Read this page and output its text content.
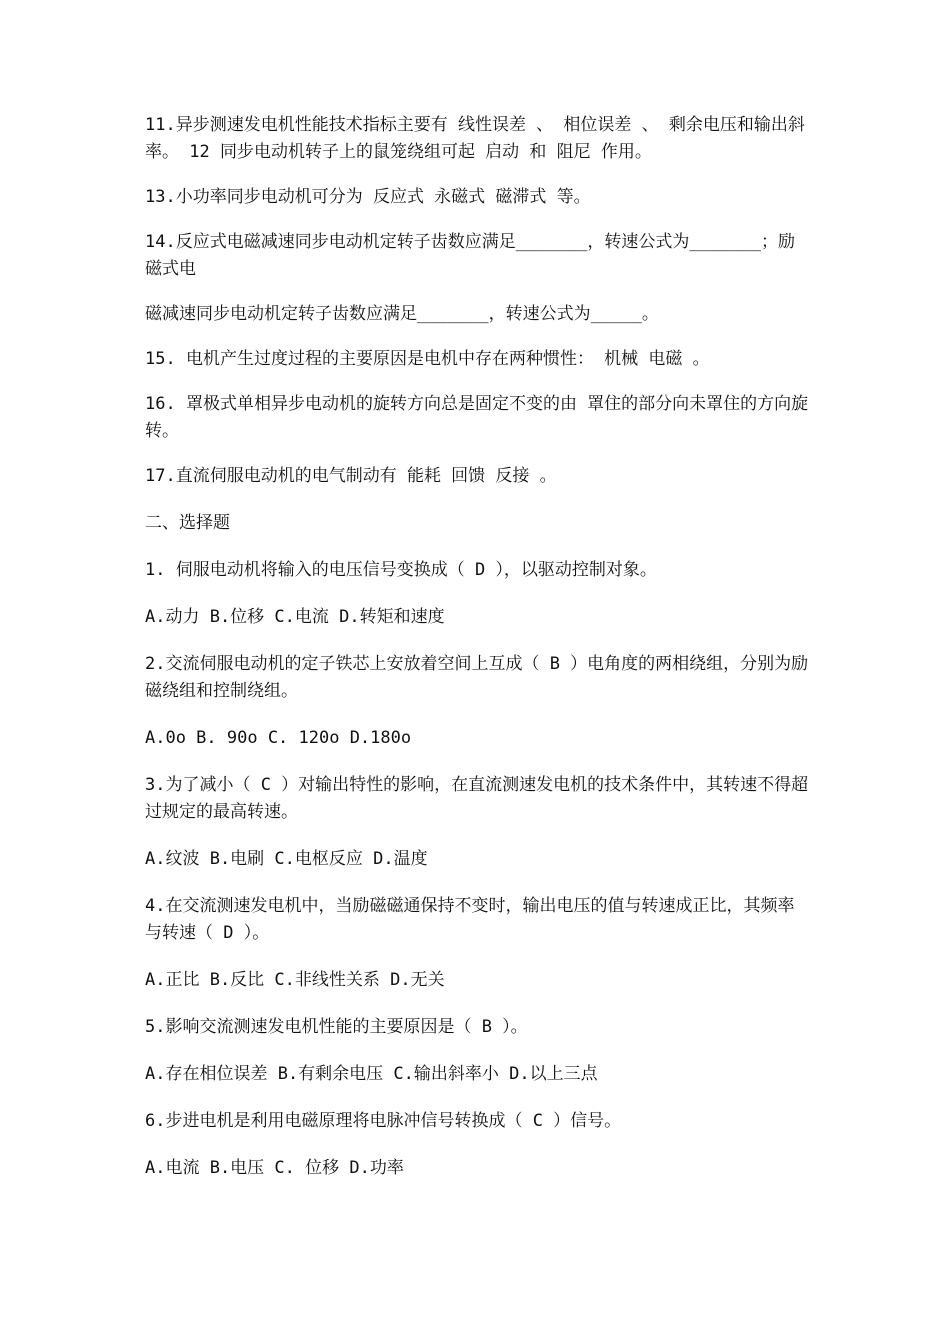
11.异步测速发电机性能技术指标主要有 线性误差 、 相位误差 、 剩余电压和输出斜率。 12 同步电动机转子上的鼠笼绕组可起 启动 和 阻尼 作用。

13.小功率同步电动机可分为 反应式 永磁式 磁滞式 等。

14.反应式电磁减速同步电动机定转子齿数应满足_______，转速公式为_______；励磁式电

磁减速同步电动机定转子齿数应满足_______，转速公式为_____。

15. 电机产生过度过程的主要原因是电机中存在两种惯性： 机械 电磁 。

16. 罩极式单相异步电动机的旋转方向总是固定不变的由 罩住的部分向未罩住的方向旋转。

17.直流伺服电动机的电气制动有 能耗 回馈 反接 。

二、选择题

1. 伺服电动机将输入的电压信号变换成（ D ），以驱动控制对象。

A.动力 B.位移 C.电流 D.转矩和速度

2.交流伺服电动机的定子铁芯上安放着空间上互成（ B ）电角度的两相绕组，分别为励磁绕组和控制绕组。

A.0o B. 90o C. 120o D.180o

3.为了减小（ C ）对输出特性的影响，在直流测速发电机的技术条件中，其转速不得超过规定的最高转速。

A.纹波 B.电刷 C.电枢反应 D.温度

4.在交流测速发电机中，当励磁磁通保持不变时，输出电压的值与转速成正比，其频率与转速（ D ）。

A.正比 B.反比 C.非线性关系 D.无关

5.影响交流测速发电机性能的主要原因是（ B ）。

A.存在相位误差 B.有剩余电压 C.输出斜率小 D.以上三点

6.步进电机是利用电磁原理将电脉冲信号转换成（ C ）信号。

A.电流 B.电压 C. 位移 D.功率
